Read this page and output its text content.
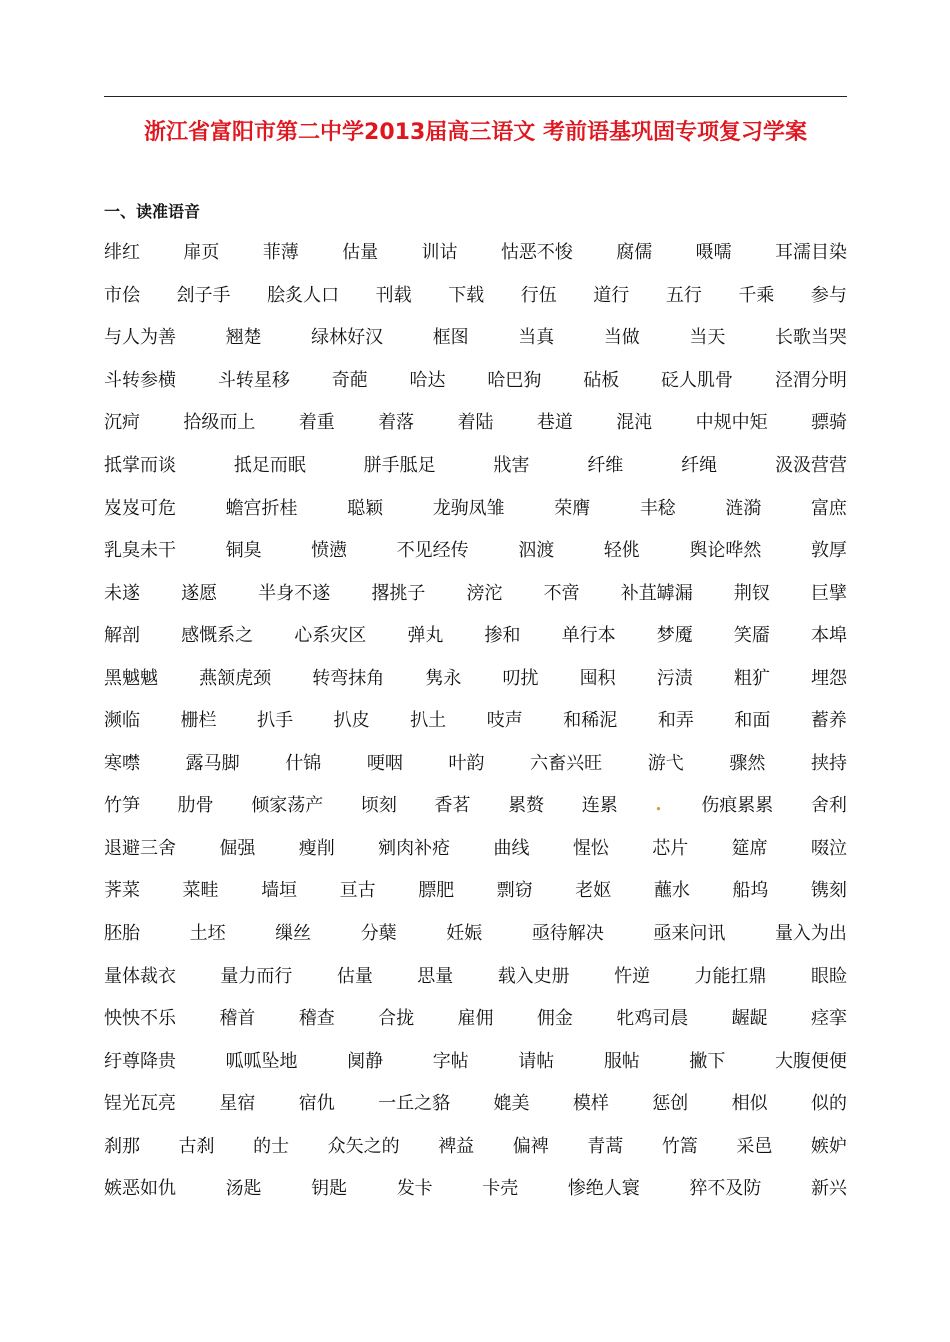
浙江省富阳市第二中学2013届高三语文 考前语基巩固专项复习学案
一、读准语音
绯红 扉页 菲薄 估量 训诂 怙恶不悛 腐儒 嗫嚅 耳濡目染
市侩 刽子手 脍炙人口 刊载 下载 行伍 道行 五行 千乘 参与
与人为善	翘楚	绿林好汉	框图	当真	当做	当天	长歌当哭
斗转参横 斗转星移 奇葩 哈达 哈巴狗 砧板 砭人肌骨 泾渭分明
沉疴 拾级而上 着重 着落 着陆 巷道 混沌 中规中矩 骠骑
抵掌而谈	抵足而眠	胼手胝足	戕害	纤维	纤绳	汲汲营营
岌岌可危	蟾宫折桂	聪颖	龙驹凤雏	荣膺	丰稔	涟漪	富庶
乳臭未干	铜臭	愤懑	不见经传	泅渡	轻佻	舆论哗然	敦厚
未遂 遂愿 半身不遂 撂挑子 滂沱 不啻 补苴罅漏 荆钗 巨擘
解剖 感慨系之 心系灾区 弹丸 掺和 单行本 梦魇 笑靥 本埠
黑魆魆 燕颔虎颈 转弯抹角 隽永 叨扰 囤积 污渍 粗犷 埋怨
濒临 栅栏 扒手 扒皮 扒土 吱声 和稀泥 和弄 和面 蓄养
寒噤	露马脚	什锦	哽咽	叶韵	六畜兴旺	游弋	骤然	挟持
竹笋 肋骨 倾家荡产 顷刻 香茗 累赘 连累 . 伤痕累累 舍利
退避三舍 倔强 瘦削 剜肉补疮 曲线 惺忪 芯片 筵席 啜泣
荠菜 菜畦 墙垣 亘古 膘肥 剽窃 老妪 蘸水 船坞 镌刻
胚胎	土坯	缫丝	分蘖	妊娠	亟待解决	亟来问讯	量入为出
量体裁衣 量力而行 估量 思量 载入史册 忤逆 力能扛鼎 眼睑
怏怏不乐 稽首 稽查 合拢 雇佣 佣金 牝鸡司晨 龌龊 痉挛
纡尊降贵	呱呱坠地	阒静	字帖	请帖	服帖	撇下	大腹便便
锃光瓦亮 星宿 宿仇 一丘之貉 媲美 模样 惩创 相似 似的
刹那 古刹 的士 众矢之的 裨益 偏裨 青蒿 竹篙 采邑 嫉妒
嫉恶如仇	汤匙	钥匙	发卡	卡壳	惨绝人寰	猝不及防	新兴
